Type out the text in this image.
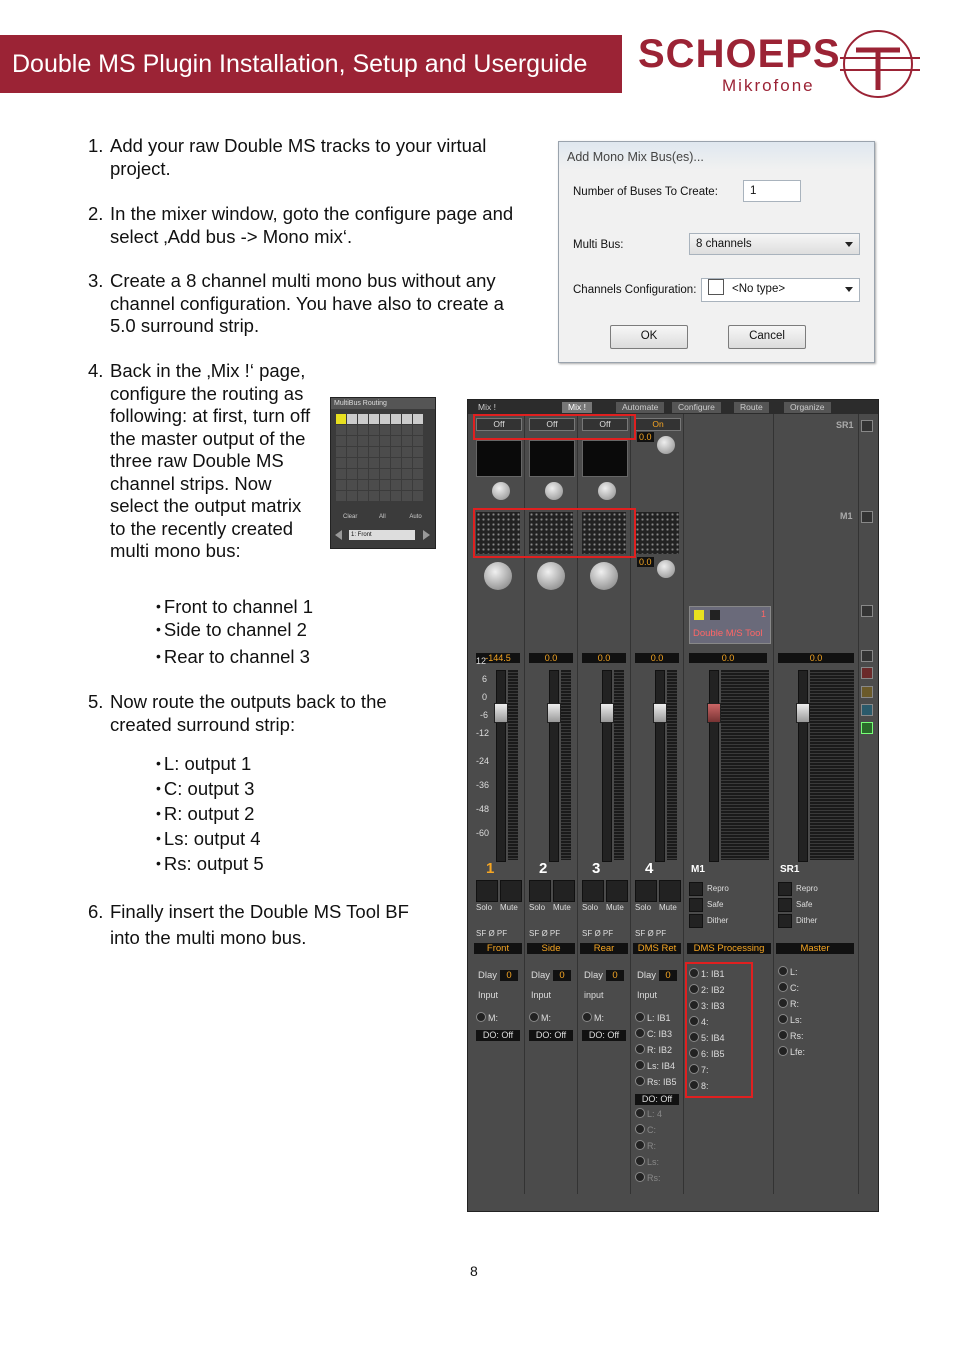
Double MS Plugin Installation, Setup and Userguide	SCHOEPS
Mikrofone
1. Add your raw Double MS tracks to your virtual project.
2. In the mixer window, goto the configure page and select ‚Add bus -> Mono mix‘.
3. Create a 8 channel multi mono bus without any channel configuration. You have also to create a 5.0 surround strip.
4. Back in the ‚Mix !‘ page, configure the routing as following: at first, turn off the master output of the three raw Double MS channel strips. Now select the output matrix to the recently created multi mono bus:
5. Now route the outputs back to the created surround strip:
6. Finally insert the Double MS Tool BF into the multi mono bus.
• Front to channel 1
• Side to channel 2
• Rear to channel 3
• L: output 1
• C: output 3
• R: output 2
• Ls: output 4
• Rs: output 5
Add Mono Mix Bus(es)...
Number of Buses To Create:	1
Multi Bus:	8 channels
Channels Configuration:	<No type>
OK	Cancel
MultiBus Routing
Clear	All	Auto
1: Front
Mix !	Mix !	Automate	Configure	Route	Organize
Off
-144.5
1
Solo Mute
SF Ø PF
Front
Dlay 0
Input
M:
DO: Off
Off
0.0
2
Solo Mute
SF Ø PF
Side
Dlay 0
Input
M:
DO: Off
Off
0.0
3
Solo Mute
SF Ø PF
Rear
Dlay 0
input
M:
DO: Off
On
0.0
0.0
0.0
4
Solo Mute
SF Ø PF
DMS Ret
Dlay 0
Input
L: IB1
C: IB3
R: IB2
Ls: IB4
Rs: IB5
DO: Off
L: 4
C:
R:
Ls:
Rs:
1
Double M/S Tool
0.0
M1
Repro
Safe
Dither
DMS Processing
1: IB1
2: IB2
3: IB3
4:
5: IB4
6: IB5
7:
8:
0.0
SR1
Repro
Safe
Dither
Master
L:
C:
R:
Ls:
Rs:
Lfe:
SR1
M1
12
6
0
-6
-12
-24
-36
-48
-60
8
